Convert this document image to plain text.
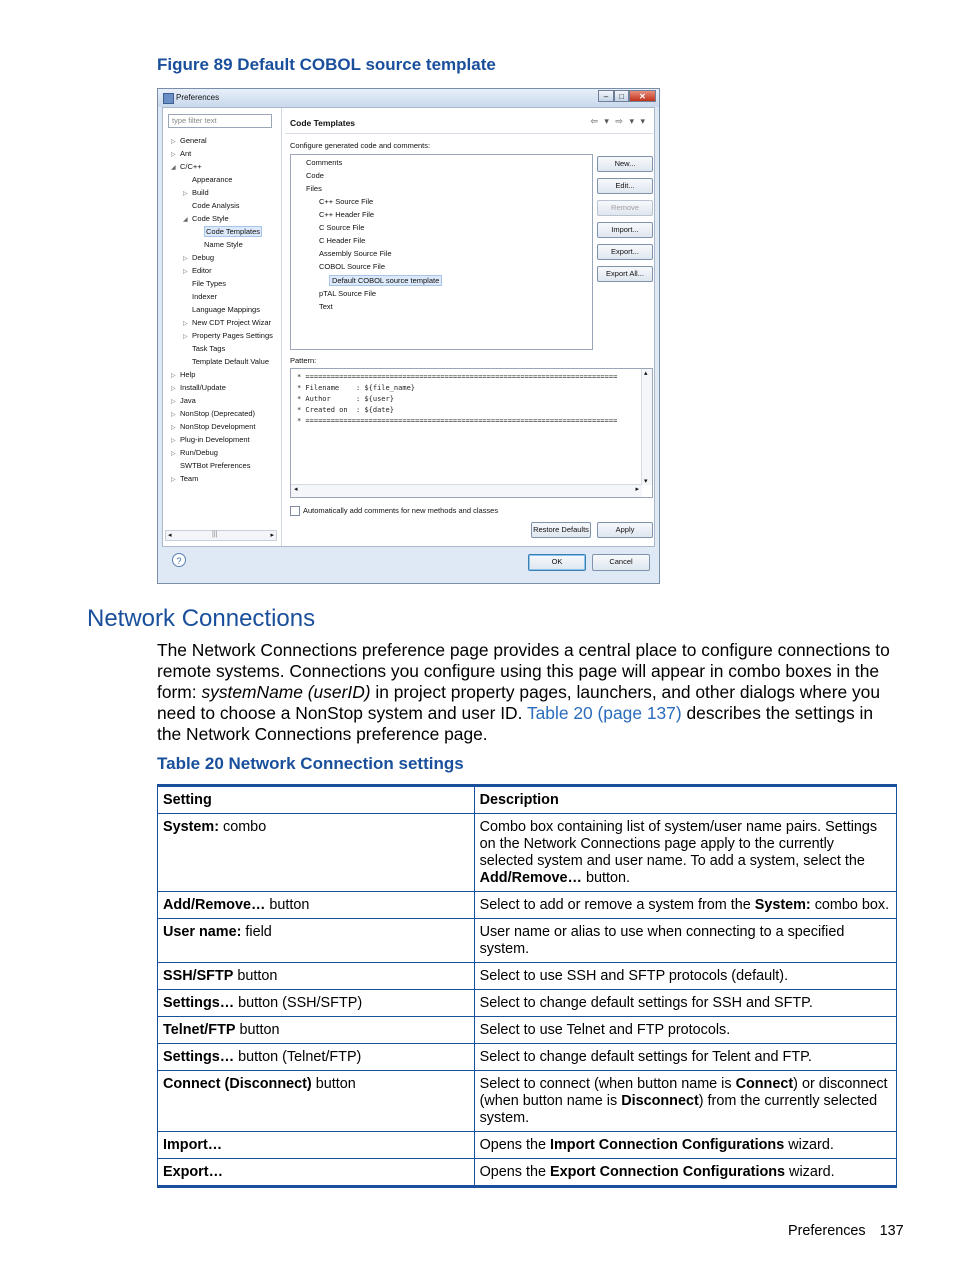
Figure 89 Default COBOL source template
Preferences	–	□	✕
type filter text
▷ General
▷ Ant
◢ C/C++
Appearance
▷ Build
Code Analysis
◢ Code Style
Code Templates
Name Style
▷ Debug
▷ Editor
File Types
Indexer
Language Mappings
▷ New CDT Project Wizar
▷ Property Pages Settings
Task Tags
Template Default Value
▷ Help
▷ Install/Update
▷ Java
▷ NonStop (Deprecated)
▷ NonStop Development
▷ Plug-in Development
▷ Run/Debug
SWTBot Preferences
▷ Team
◂	|||	▸
Code Templates	⇦ ▾ ⇨ ▾ ▾
Configure generated code and comments:
Comments
Code
Files
C++ Source File
C++ Header File
C Source File
C Header File
Assembly Source File
COBOL Source File
Default COBOL source template
pTAL Source File
Text
New...
Edit...
Remove
Import...
Export...
Export All...
Pattern:
* ==========================================================================
* Filename    : ${file_name}
* Author      : ${user}
* Created on  : ${date}
* ==========================================================================
▴
▾
◂	▸
Automatically add comments for new methods and classes
Restore Defaults	Apply
?	OK	Cancel
Network Connections
The Network Connections preference page provides a central place to configure connections to remote systems. Connections you configure using this page will appear in combo boxes in the form: systemName (userID) in project property pages, launchers, and other dialogs where you need to choose a NonStop system and user ID. Table 20 (page 137) describes the settings in the Network Connections preference page.
Table 20 Network Connection settings
Setting	Description
System: combo	Combo box containing list of system/user name pairs. Settings on the Network Connections page apply to the currently selected system and user name. To add a system, select the Add/Remove… button.
Add/Remove… button	Select to add or remove a system from the System: combo box.
User name: field	User name or alias to use when connecting to a specified system.
SSH/SFTP button	Select to use SSH and SFTP protocols (default).
Settings… button (SSH/SFTP)	Select to change default settings for SSH and SFTP.
Telnet/FTP button	Select to use Telnet and FTP protocols.
Settings… button (Telnet/FTP)	Select to change default settings for Telent and FTP.
Connect (Disconnect) button	Select to connect (when button name is Connect) or disconnect (when button name is Disconnect) from the currently selected system.
Import…	Opens the Import Connection Configurations wizard.
Export…	Opens the Export Connection Configurations wizard.
Preferences 137
